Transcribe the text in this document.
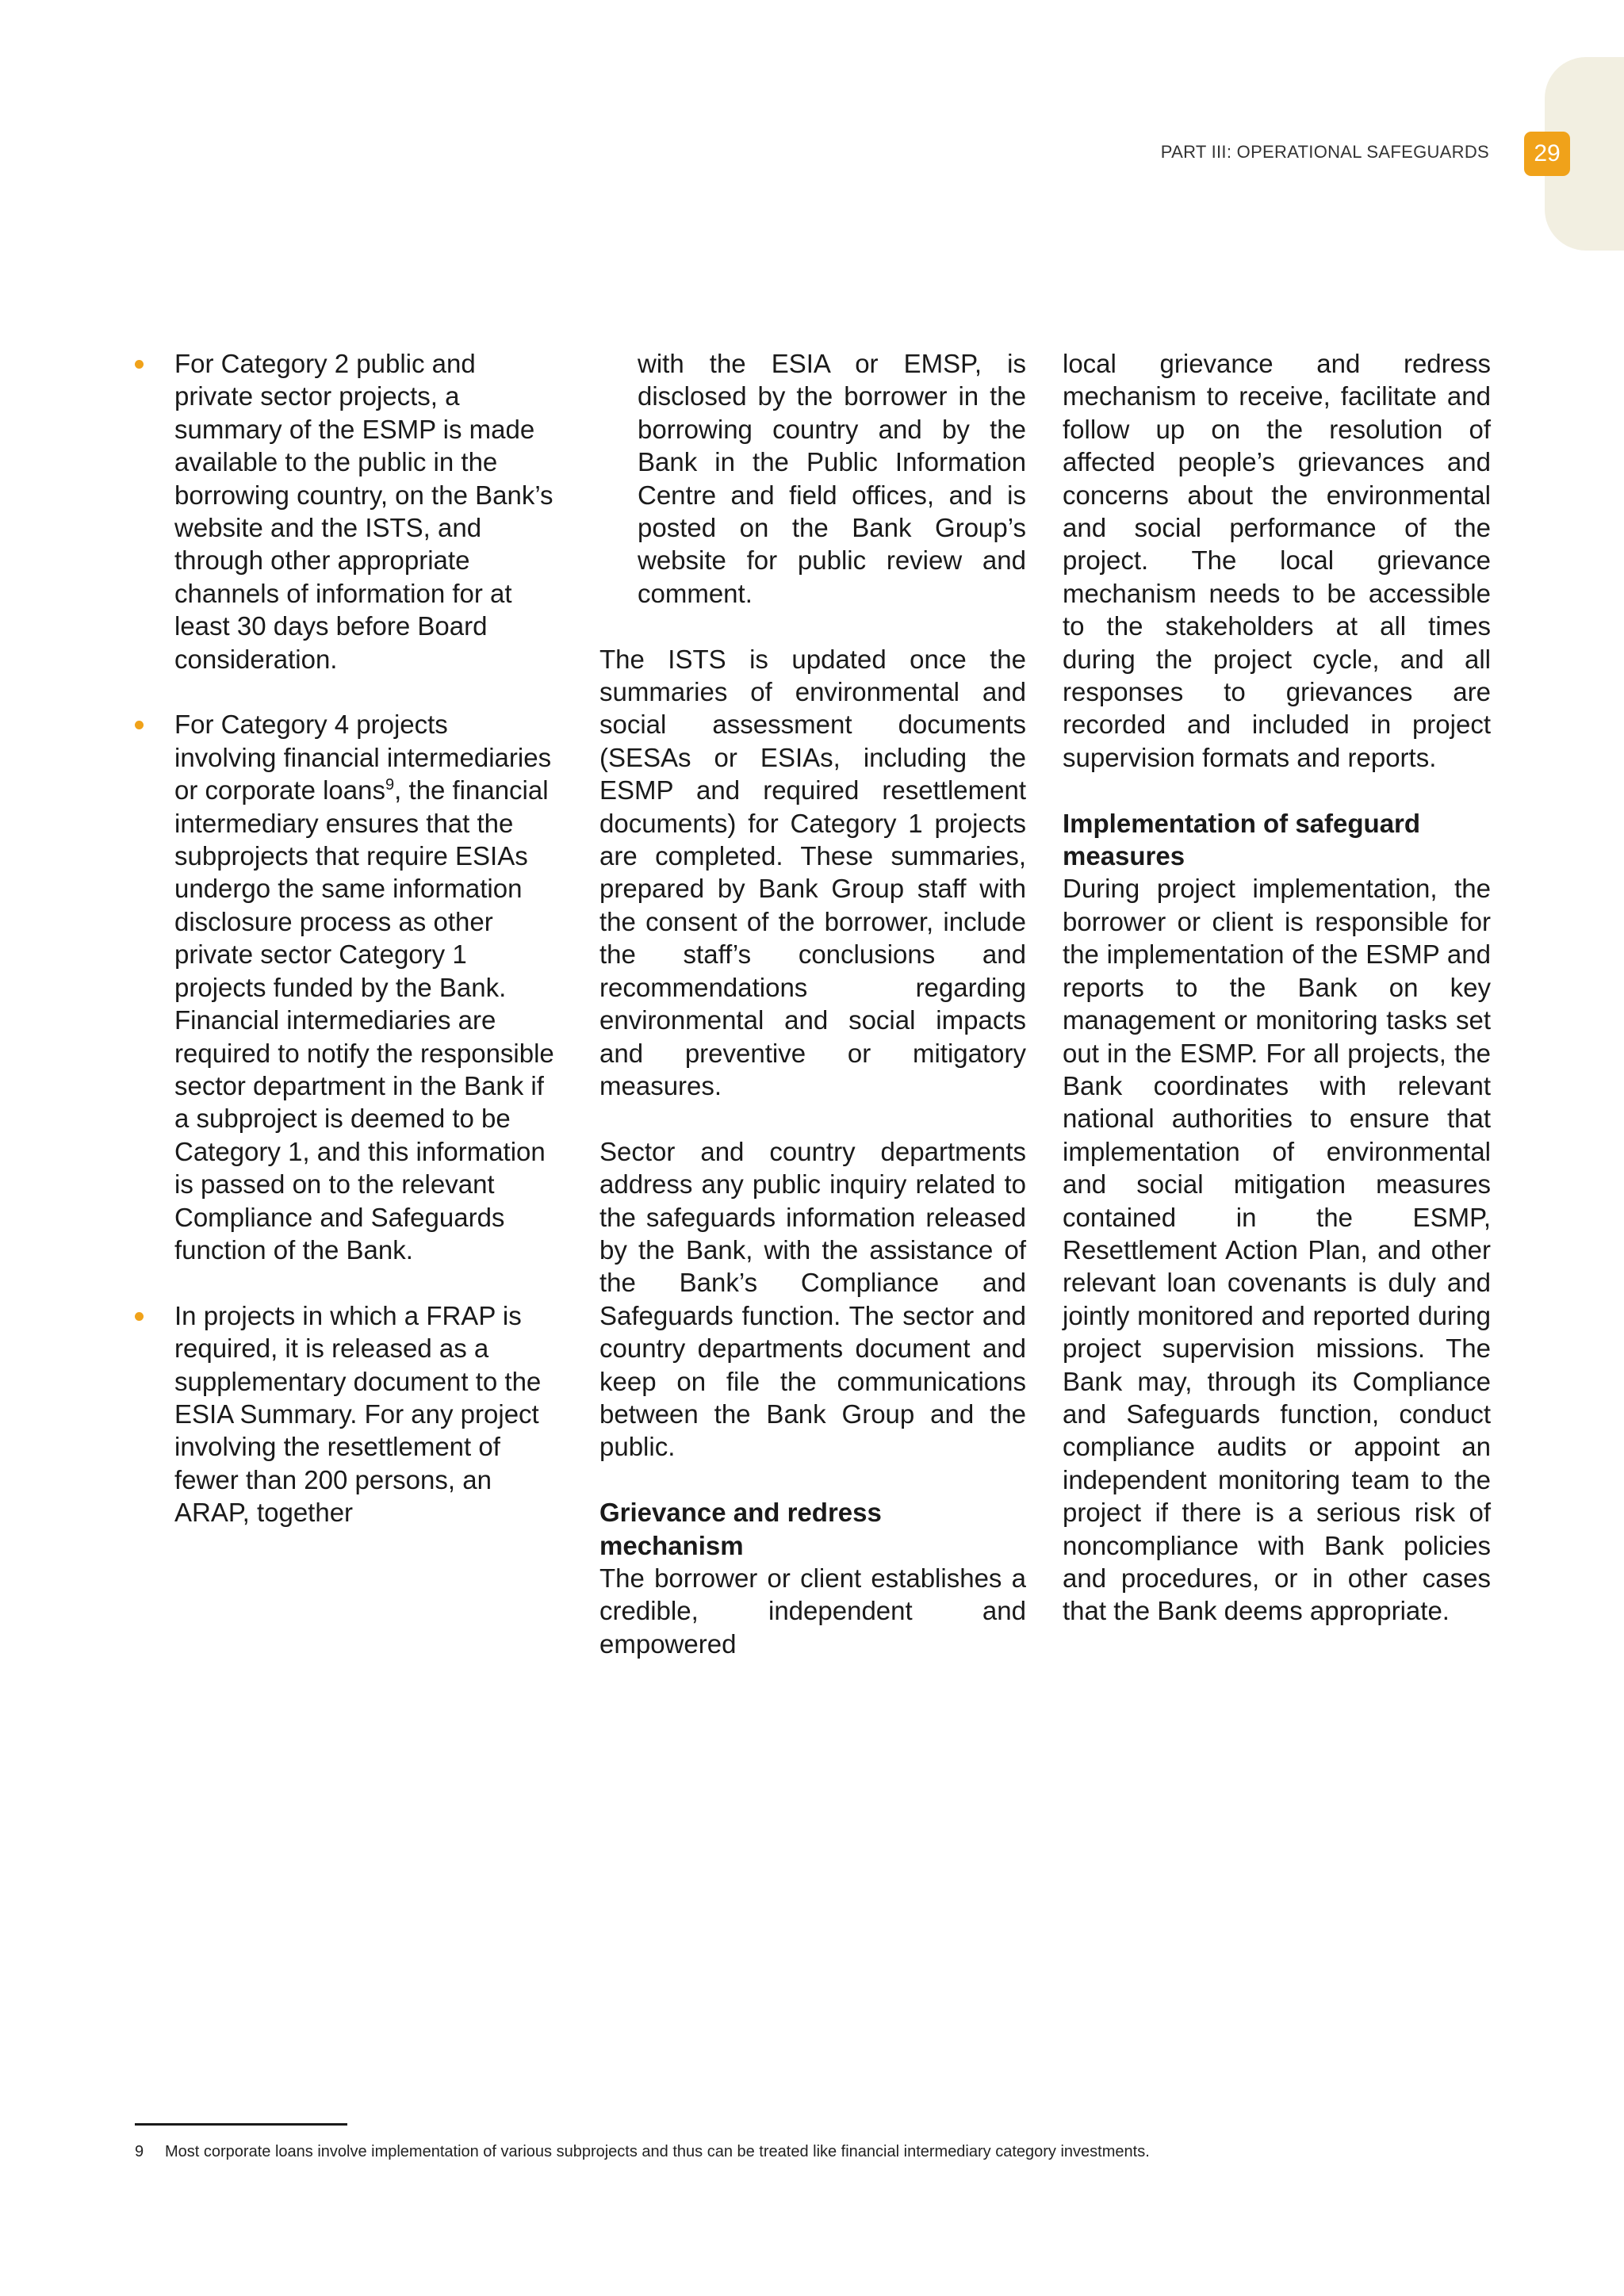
PART III: OPERATIONAL SAFEGUARDS	29
For Category 2 public and private sector projects, a summary of the ESMP is made available to the public in the borrowing country, on the Bank’s website and the ISTS, and through other appropriate channels of information for at least 30 days before Board consideration.
For Category 4 projects involving financial intermediaries or corporate loans$^9$, the financial intermediary ensures that the subprojects that require ESIAs undergo the same information disclosure process as other private sector Category 1 projects funded by the Bank. Financial intermediaries are required to notify the responsible sector department in the Bank if a subproject is deemed to be Category 1, and this information is passed on to the relevant Compliance and Safeguards function of the Bank.
In projects in which a FRAP is required, it is released as a supplementary document to the ESIA Summary. For any project involving the resettlement of fewer than 200 persons, an ARAP, together

with the ESIA or EMSP, is disclosed by the borrower in the borrowing country and by the Bank in the Public Information Centre and field offices, and is posted on the Bank Group’s website for public review and comment.

The ISTS is updated once the summaries of environmental and social assessment documents (SESAs or ESIAs, including the ESMP and required resettlement documents) for Category 1 projects are completed. These summaries, prepared by Bank Group staff with the consent of the borrower, include the staff’s conclusions and recommendations regarding environmental and social impacts and preventive or mitigatory measures.

Sector and country departments address any public inquiry related to the safeguards information released by the Bank, with the assistance of the Bank’s Compliance and Safeguards function. The sector and country departments document and keep on file the communications between the Bank Group and the public.

Grievance and redress mechanism

The borrower or client establishes a credible, independent and empowered

local grievance and redress mechanism to receive, facilitate and follow up on the resolution of affected people’s grievances and concerns about the environmental and social performance of the project. The local grievance mechanism needs to be accessible to the stakeholders at all times during the project cycle, and all responses to grievances are recorded and included in project supervision formats and reports.

Implementation of safeguard measures

During project implementation, the borrower or client is responsible for the implementation of the ESMP and reports to the Bank on key management or monitoring tasks set out in the ESMP. For all projects, the Bank coordinates with relevant national authorities to ensure that implementation of environmental and social mitigation measures contained in the ESMP, Resettlement Action Plan, and other relevant loan covenants is duly and jointly monitored and reported during project supervision missions. The Bank may, through its Compliance and Safeguards function, conduct compliance audits or appoint an independent monitoring team to the project if there is a serious risk of noncompliance with Bank policies and procedures, or in other cases that the Bank deems appropriate.

9 Most corporate loans involve implementation of various subprojects and thus can be treated like financial intermediary category investments.
